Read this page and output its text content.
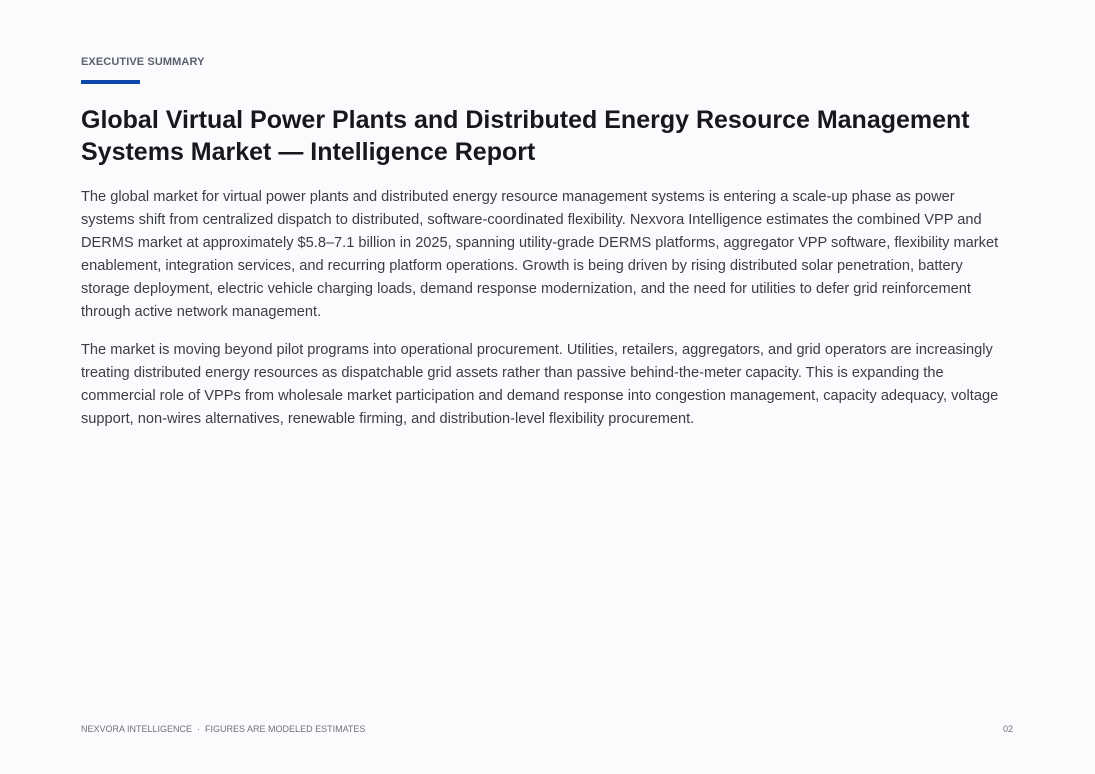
EXECUTIVE SUMMARY
Global Virtual Power Plants and Distributed Energy Resource Management Systems Market — Intelligence Report

The global market for virtual power plants and distributed energy resource management systems is entering a scale-up phase as power systems shift from centralized dispatch to distributed, software-coordinated flexibility. Nexvora Intelligence estimates the combined VPP and DERMS market at approximately $5.8–7.1 billion in 2025, spanning utility-grade DERMS platforms, aggregator VPP software, flexibility market enablement, integration services, and recurring platform operations. Growth is being driven by rising distributed solar penetration, battery storage deployment, electric vehicle charging loads, demand response modernization, and the need for utilities to defer grid reinforcement through active network management.

The market is moving beyond pilot programs into operational procurement. Utilities, retailers, aggregators, and grid operators are increasingly treating distributed energy resources as dispatchable grid assets rather than passive behind-the-meter capacity. This is expanding the commercial role of VPPs from wholesale market participation and demand response into congestion management, capacity adequacy, voltage support, non-wires alternatives, renewable firming, and distribution-level flexibility procurement.

NEXVORA INTELLIGENCE · FIGURES ARE MODELED ESTIMATES	02
